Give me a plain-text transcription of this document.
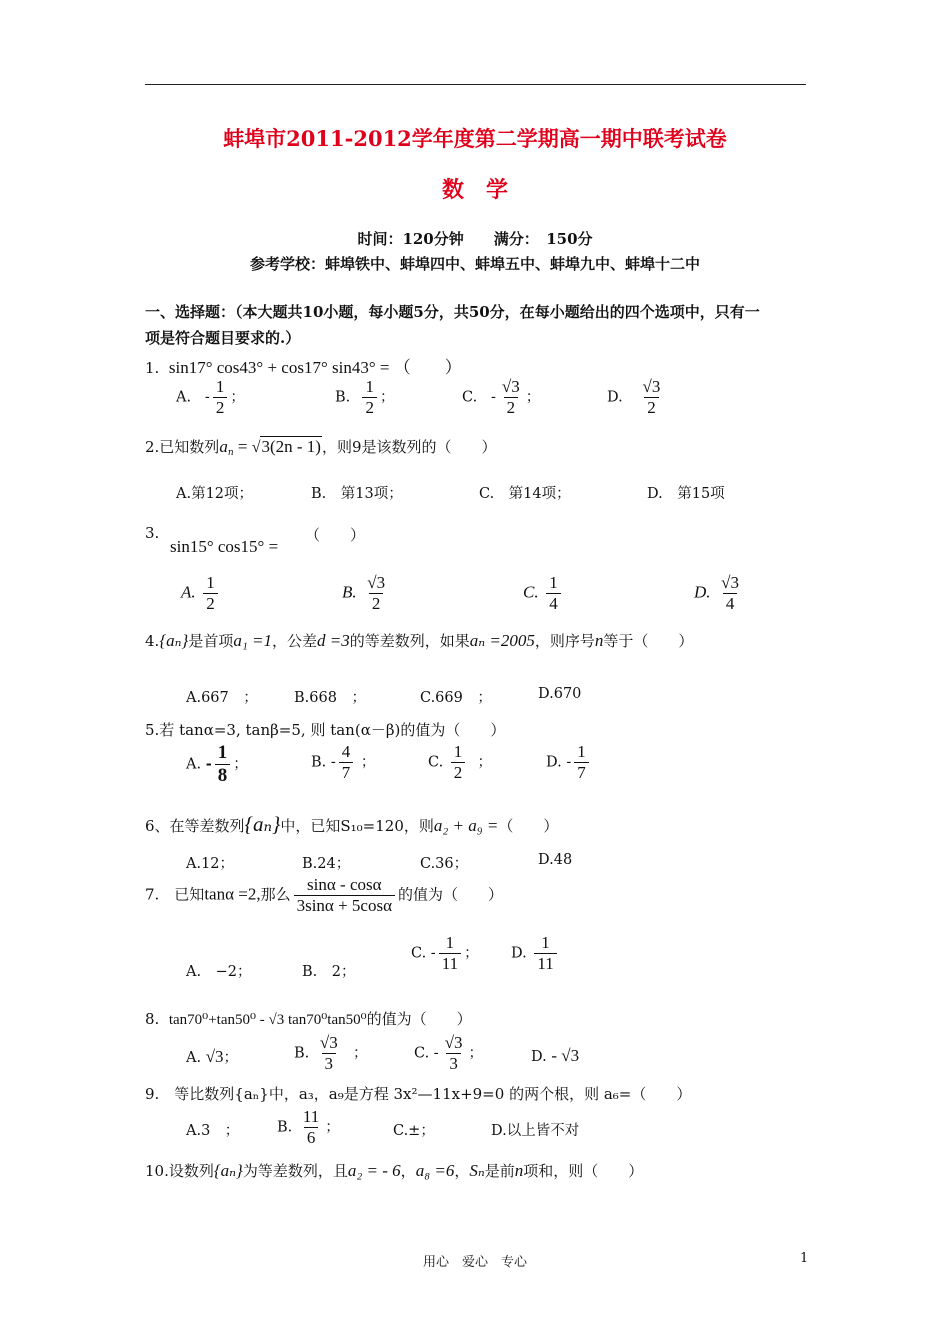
蚌埠市2011-2012学年度第二学期高一期中联考试卷
数　学
时间：120分钟　　满分：　150分
参考学校：蚌埠铁中、蚌埠四中、蚌埠五中、蚌埠九中、蚌埠十二中
一、选择题：（本大题共10小题，每小题5分，共50分，在每小题给出的四个选项中，只有一
项是符合题目要求的.）
1. sin17° cos43° + cos17° sin43° = （　　）
A. - $\frac{1}{2}$ ；	B. $\frac{1}{2}$ ；	C. - $\frac{√3}{2}$ ；	D. $\frac{√3}{2}$
2.已知数列$a_n = √3(2n - 1)$，则9是该数列的（　　）
A.第12项；	B.　第13项；	C.　第14项；	D.　第15项
3.	（　　）
sin15° cos15° =
A. $\frac{1}{2}$	B. $\frac{√3}{2}$	C. $\frac{1}{4}$	D. $\frac{√3}{4}$
4.{aₙ}是首项a₁ =1，公差d =3的等差数列，如果aₙ =2005，则序号n等于（　　）
A.667　； B.668　；	C.669　；	D.670
5.若 tanα=3, tanβ=5, 则 tan(α－β)的值为（　　）
A. - $\frac{1}{8}$ ；	B. - $\frac{4}{7}$ ；	C. $\frac{1}{2}$ ；	D. - $\frac{1}{7}$
6、在等差数列{aₙ}中，已知S₁₀=120，则a₂ + a₉ =（　　）
A.12；	B.24；	C.36；	D.48
7.　已知tanα =2,那么 $\frac{\sin\alpha - \cos\alpha}{3\sin\alpha + 5\cos\alpha}$ 的值为（　　）
A.　−2；	B.　2；
C. - $\frac{1}{11}$ ； D. $\frac{1}{11}$
8. tan70⁰+tan50⁰ - √3 tan70⁰tan50⁰的值为（　　）
A. √3；	B. $\frac{√3}{3}$ ；	C. - $\frac{√3}{3}$ ；	D. - √3
9.　等比数列{aₙ}中，a₃，a₉是方程 3x²—11x+9=0 的两个根，则 a₆=（　　）
A.3　；	B. $\frac{11}{6}$ ；	C.±；	D.以上皆不对
10.设数列{aₙ}为等差数列，且a₂ = - 6，a₈ =6，Sₙ是前n项和，则（　　）
用心　爱心　专心	1
